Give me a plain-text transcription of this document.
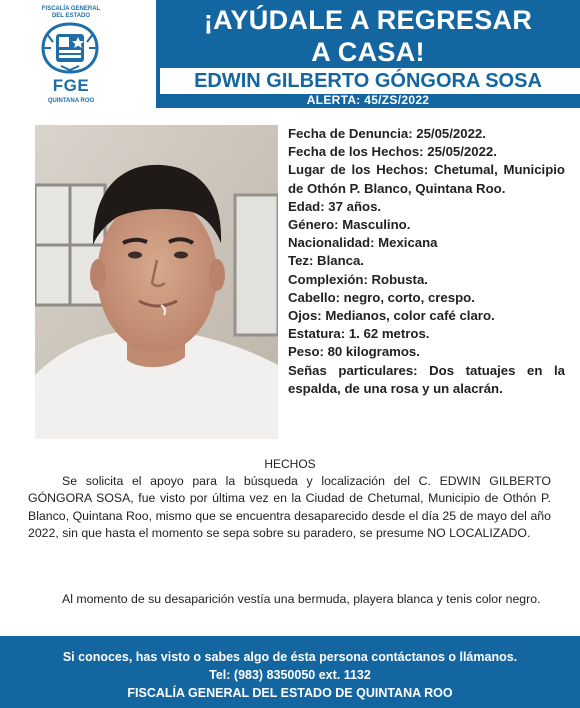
FISCALÍA GENERAL
DEL ESTADO
FGE
QUINTANA ROO
¡AYÚDALE A REGRESAR
A CASA!
EDWIN GILBERTO GÓNGORA SOSA
ALERTA: 45/ZS/2022
Fecha de Denuncia: 25/05/2022.
Fecha de los Hechos: 25/05/2022.
Lugar de los Hechos: Chetumal, Municipio de Othón P. Blanco, Quintana Roo.
Edad: 37 años.
Género: Masculino.
Nacionalidad: Mexicana
Tez: Blanca.
Complexión: Robusta.
Cabello: negro, corto, crespo.
Ojos: Medianos, color café claro.
Estatura: 1. 62 metros.
Peso: 80 kilogramos.
Señas particulares: Dos tatuajes en la espalda, de una rosa y un alacrán.
HECHOS
Se solicita el apoyo para la búsqueda y localización del C. EDWIN GILBERTO GÓNGORA SOSA, fue visto por última vez en la Ciudad de Chetumal, Municipio de Othón P. Blanco, Quintana Roo, mismo que se encuentra desaparecido desde el día 25 de mayo del año 2022, sin que hasta el momento se sepa sobre su paradero, se presume NO LOCALIZADO.
Al momento de su desaparición vestía una bermuda, playera blanca y tenis color negro.
Si conoces, has visto o sabes algo de ésta persona contáctanos o llámanos.
Tel: (983) 8350050 ext. 1132
FISCALÍA GENERAL DEL ESTADO DE QUINTANA ROO
